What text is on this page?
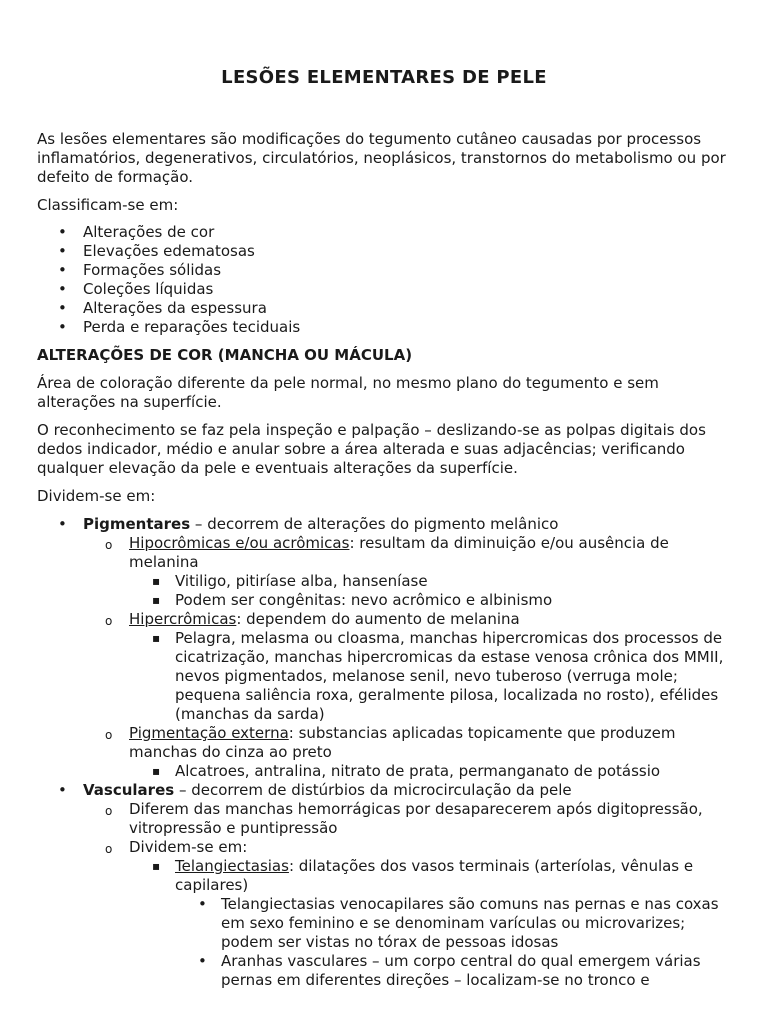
LESÕES ELEMENTARES DE PELE

As lesões elementares são modificações do tegumento cutâneo causadas por processos inflamatórios, degenerativos, circulatórios, neoplásicos, transtornos do metabolismo ou por defeito de formação.

Classificam-se em:

• Alterações de cor
• Elevações edematosas
• Formações sólidas
• Coleções líquidas
• Alterações da espessura
• Perda e reparações teciduais

ALTERAÇÕES DE COR (MANCHA OU MÁCULA)

Área de coloração diferente da pele normal, no mesmo plano do tegumento e sem alterações na superfície.

O reconhecimento se faz pela inspeção e palpação – deslizando-se as polpas digitais dos dedos indicador, médio e anular sobre a área alterada e suas adjacências; verificando qualquer elevação da pele e eventuais alterações da superfície.

Dividem-se em:

• Pigmentares – decorrem de alterações do pigmento melânico
o Hipocrômicas e/ou acrômicas: resultam da diminuição e/ou ausência de melanina
▪ Vitiligo, pitiríase alba, hanseníase
▪ Podem ser congênitas: nevo acrômico e albinismo
o Hipercrômicas: dependem do aumento de melanina
▪ Pelagra, melasma ou cloasma, manchas hipercromicas dos processos de cicatrização, manchas hipercromicas da estase venosa crônica dos MMII, nevos pigmentados, melanose senil, nevo tuberoso (verruga mole; pequena saliência roxa, geralmente pilosa, localizada no rosto), efélides (manchas da sarda)
o Pigmentação externa: substancias aplicadas topicamente que produzem manchas do cinza ao preto
▪ Alcatroes, antralina, nitrato de prata, permanganato de potássio
• Vasculares – decorrem de distúrbios da microcirculação da pele
o Diferem das manchas hemorrágicas por desaparecerem após digitopressão, vitropressão e puntipressão
o Dividem-se em:
▪ Telangiectasias: dilatações dos vasos terminais (arteríolas, vênulas e capilares)
• Telangiectasias venocapilares são comuns nas pernas e nas coxas em sexo feminino e se denominam varículas ou microvarizes; podem ser vistas no tórax de pessoas idosas
• Aranhas vasculares – um corpo central do qual emergem várias pernas em diferentes direções – localizam-se no tronco e
